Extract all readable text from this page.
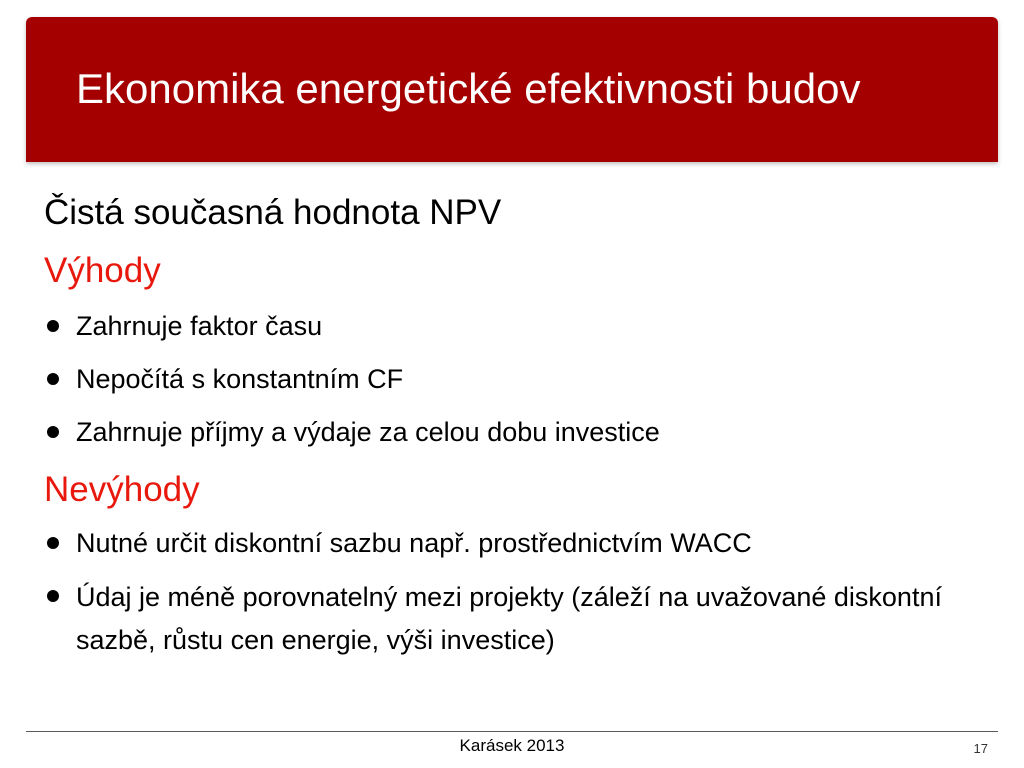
Ekonomika energetické efektivnosti budov
Čistá současná hodnota NPV
Výhody
Zahrnuje faktor času
Nepočítá s konstantním CF
Zahrnuje příjmy a výdaje za celou dobu investice
Nevýhody
Nutné určit diskontní sazbu např. prostřednictvím WACC
Údaj je méně porovnatelný mezi projekty (záleží na uvažované diskontní sazbě, růstu cen energie, výši investice)
Karásek 2013	17
